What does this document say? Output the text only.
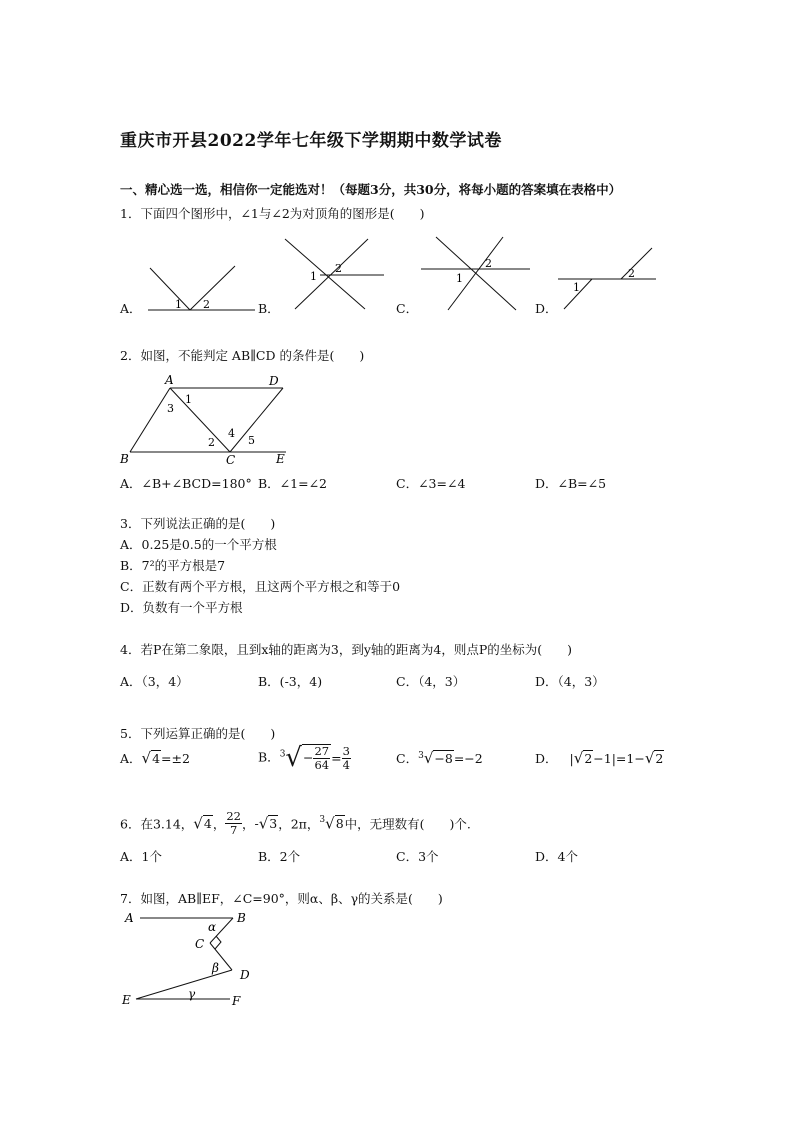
重庆市开县2022学年七年级下学期期中数学试卷
一、精心选一选，相信你一定能选对！（每题3分，共30分，将每小题的答案填在表格中）
1．下面四个图形中，∠1与∠2为对顶角的图形是(　　)
A．	1 2	B．
1
2
C．
1
2
D．
1
2
2．如图，不能判定 AB∥CD 的条件是(　　)
A	D
B	C	E
1
2
3
4
5
A．∠B+∠BCD=180° B．∠1=∠2	C．∠3=∠4	D．∠B=∠5
3．下列说法正确的是(　　)
A．0.25是0.5的一个平方根
B．7²的平方根是7
C．正数有两个平方根，且这两个平方根之和等于0
D．负数有一个平方根
4．若P在第二象限，且到x轴的距离为3，到y轴的距离为4，则点P的坐标为(　　)
A．（3，4）	B．(-3，4)	C．（4，3）	D．（4，3）
5．下列运算正确的是(　　)
A．√4=±2	B．$^3√- \frac{27}{64} = \frac{3}{4}$	C．$^3$√−8=−2	D． |√2−1|=1−√2
6．在3.14，√4， $\frac{22}{7}$ ，-√3，2π，$^3$√8中，无理数有(　　)个.
A．1个	B．2个	C．3个	D．4个
7．如图，AB∥EF，∠C=90°，则α、β、γ的关系是(　　)
A	B
C
D
E	F
α
β
γ
